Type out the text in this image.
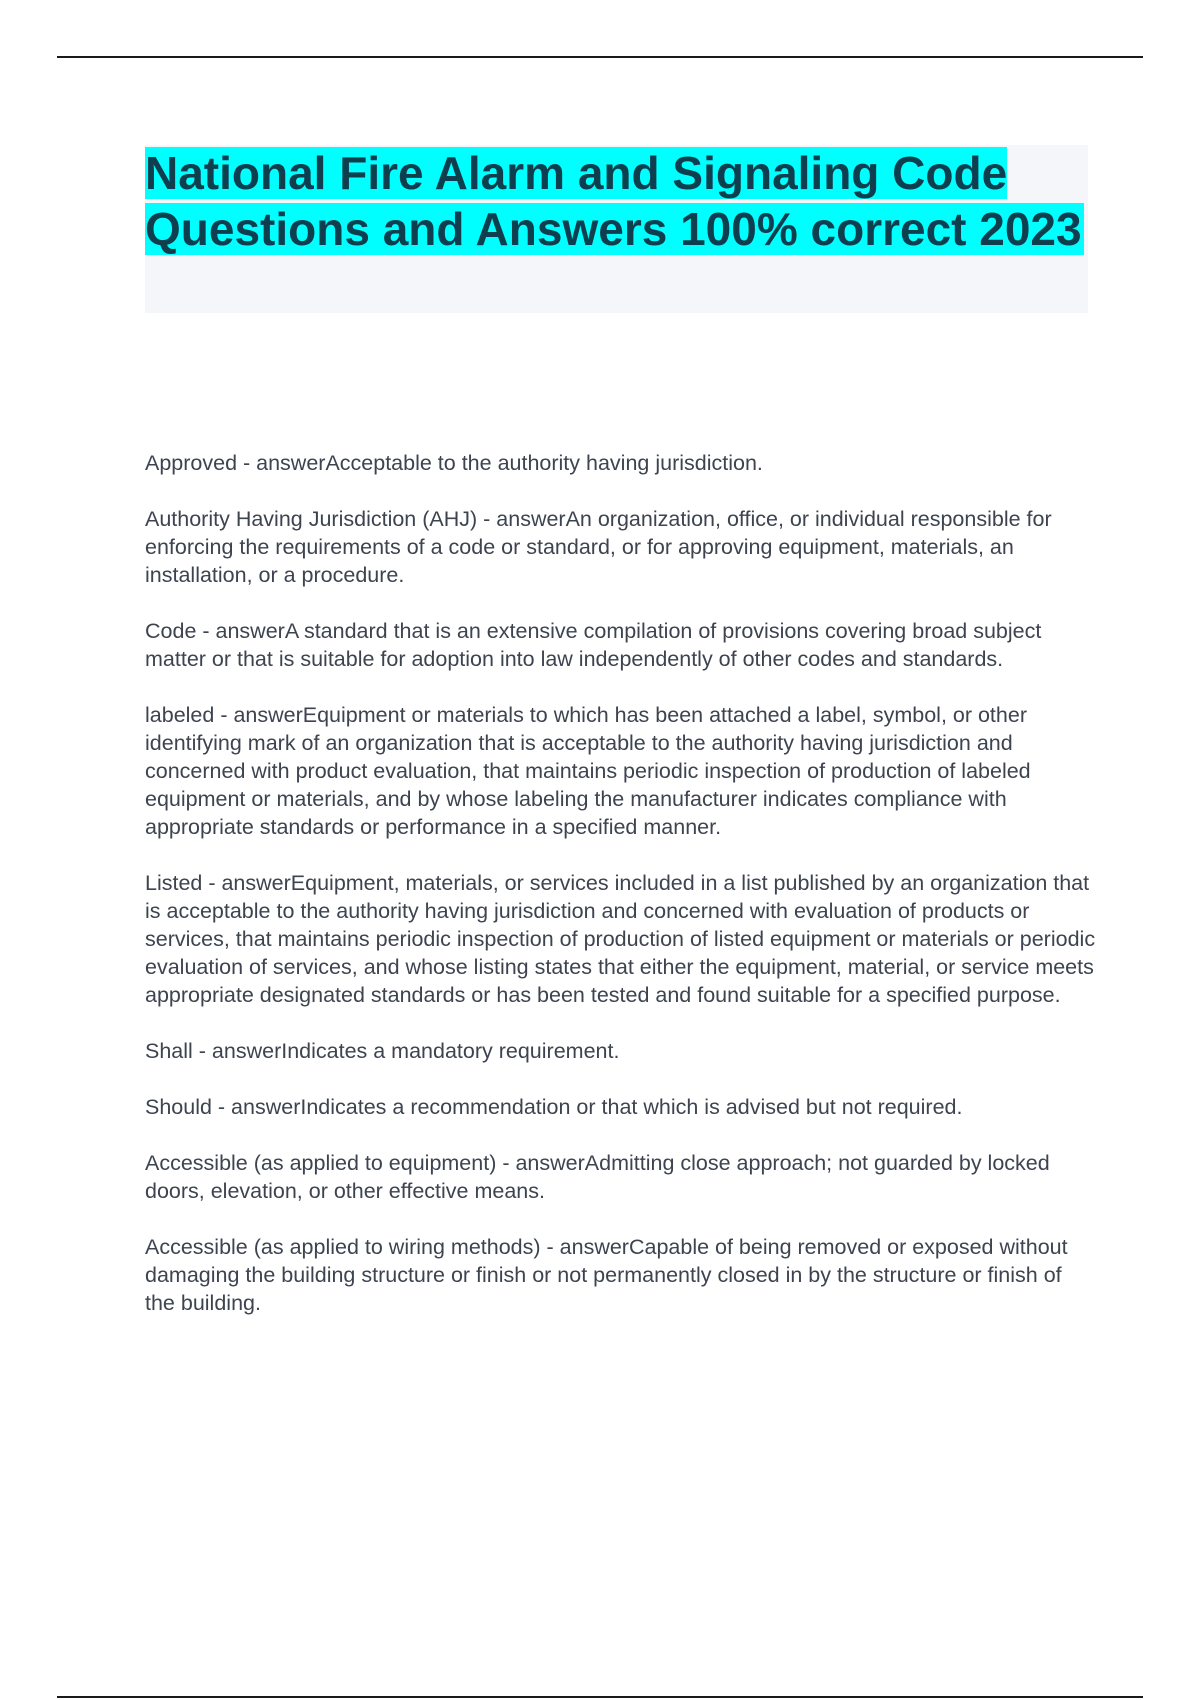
National Fire Alarm and Signaling Code Questions and Answers 100% correct 2023

Approved - answerAcceptable to the authority having jurisdiction.

Authority Having Jurisdiction (AHJ) - answerAn organization, office, or individual responsible for enforcing the requirements of a code or standard, or for approving equipment, materials, an installation, or a procedure.

Code - answerA standard that is an extensive compilation of provisions covering broad subject matter or that is suitable for adoption into law independently of other codes and standards.

labeled - answerEquipment or materials to which has been attached a label, symbol, or other identifying mark of an organization that is acceptable to the authority having jurisdiction and concerned with product evaluation, that maintains periodic inspection of production of labeled equipment or materials, and by whose labeling the manufacturer indicates compliance with appropriate standards or performance in a specified manner.

Listed - answerEquipment, materials, or services included in a list published by an organization that is acceptable to the authority having jurisdiction and concerned with evaluation of products or services, that maintains periodic inspection of production of listed equipment or materials or periodic evaluation of services, and whose listing states that either the equipment, material, or service meets appropriate designated standards or has been tested and found suitable for a specified purpose.

Shall - answerIndicates a mandatory requirement.

Should - answerIndicates a recommendation or that which is advised but not required.

Accessible (as applied to equipment) - answerAdmitting close approach; not guarded by locked doors, elevation, or other effective means.

Accessible (as applied to wiring methods) - answerCapable of being removed or exposed without damaging the building structure or finish or not permanently closed in by the structure or finish of the building.
